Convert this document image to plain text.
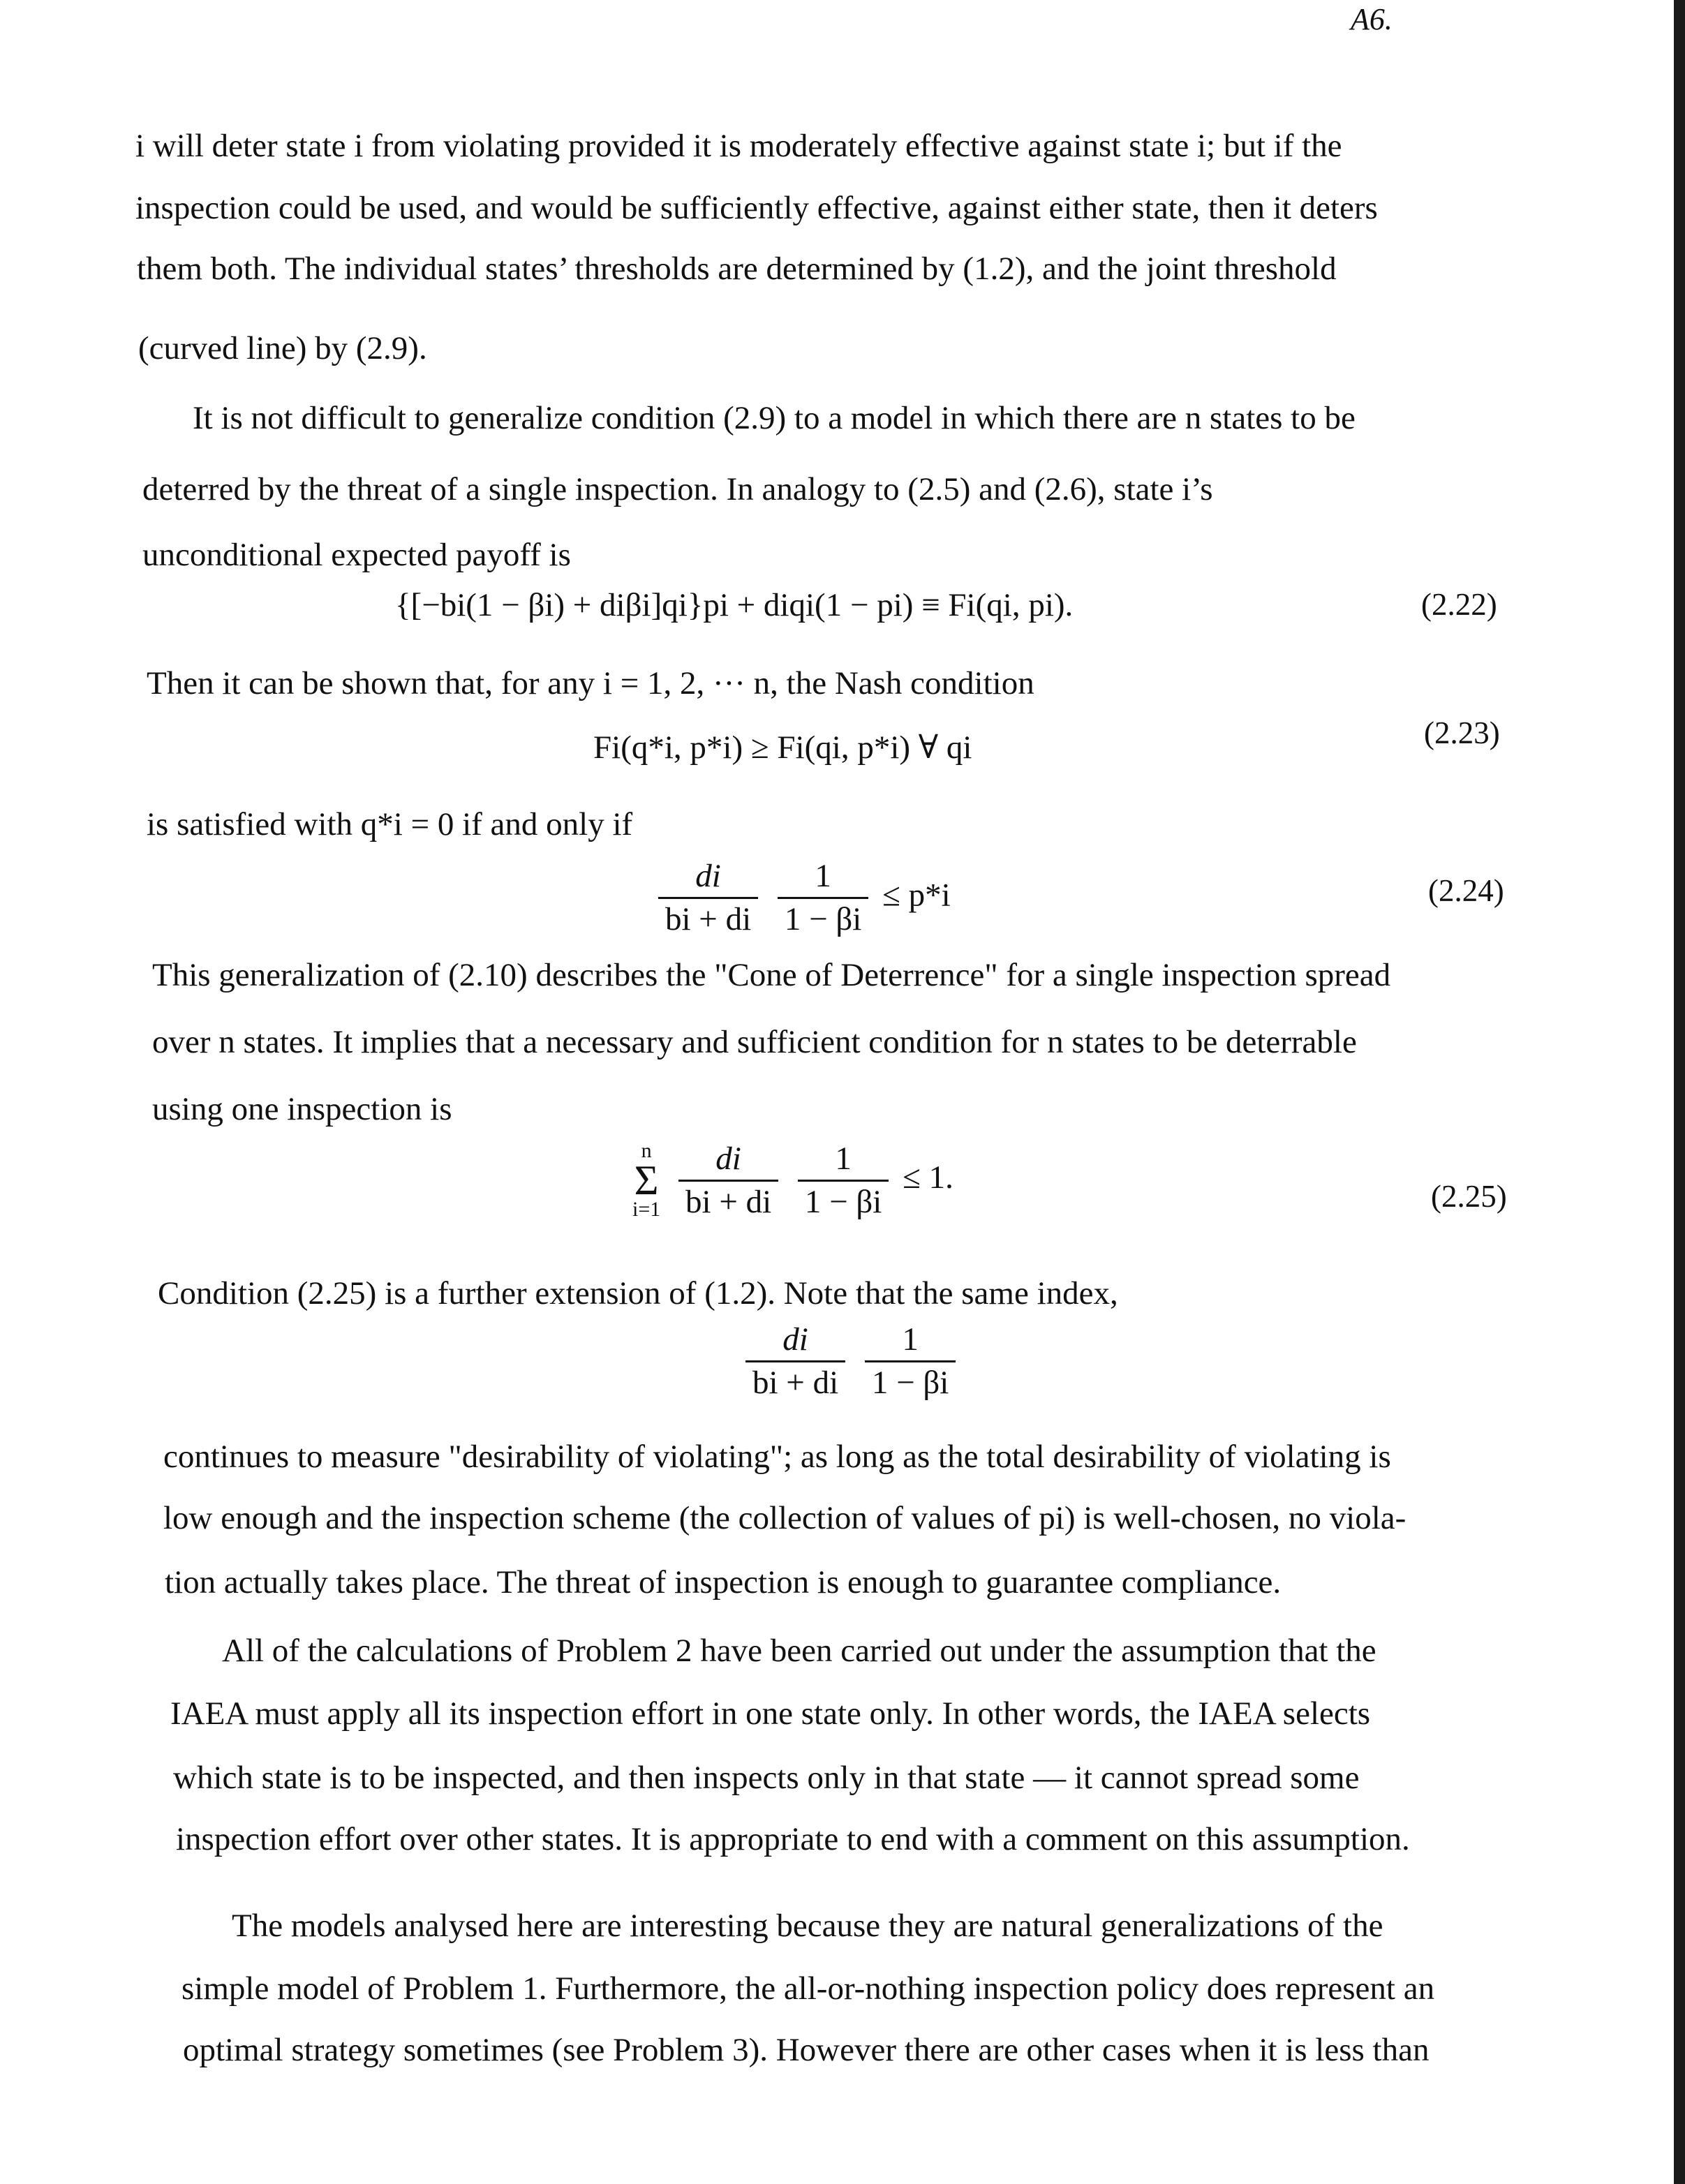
A6.
i will deter state i from violating provided it is moderately effective against state i; but if the
inspection could be used, and would be sufficiently effective, against either state, then it deters
them both. The individual states’ thresholds are determined by (1.2), and the joint threshold
(curved line) by (2.9).
It is not difficult to generalize condition (2.9) to a model in which there are n states to be
deterred by the threat of a single inspection. In analogy to (2.5) and (2.6), state i’s
unconditional expected payoff is
{[−bi(1 − βi) + diβi]qi}pi + diqi(1 − pi) ≡ Fi(qi, pi).	(2.22)
Then it can be shown that, for any i = 1, 2, ··· n, the Nash condition
Fi(q*i, p*i) ≥ Fi(qi, p*i) ∀ qi	(2.23)
is satisfied with q*i = 0 if and only if
$\frac{di}{bi + di}$
$\frac{1}{1 - \beta i} \le p*i$	(2.24)
This generalization of (2.10) describes the "Cone of Deterrence" for a single inspection spread
over n states. It implies that a necessary and sufficient condition for n states to be deterrable
using one inspection is
n
Σ
i=1
$\frac{di}{bi + di}$
$\frac{1}{1 - \beta i} \le 1$.
(2.25)
Condition (2.25) is a further extension of (1.2). Note that the same index,
$\frac{di}{bi + di}$
$\frac{1}{1 - \beta i}$
continues to measure "desirability of violating"; as long as the total desirability of violating is
low enough and the inspection scheme (the collection of values of pi) is well-chosen, no viola-
tion actually takes place. The threat of inspection is enough to guarantee compliance.
All of the calculations of Problem 2 have been carried out under the assumption that the
IAEA must apply all its inspection effort in one state only. In other words, the IAEA selects
which state is to be inspected, and then inspects only in that state — it cannot spread some
inspection effort over other states. It is appropriate to end with a comment on this assumption.
The models analysed here are interesting because they are natural generalizations of the
simple model of Problem 1. Furthermore, the all-or-nothing inspection policy does represent an
optimal strategy sometimes (see Problem 3). However there are other cases when it is less than
